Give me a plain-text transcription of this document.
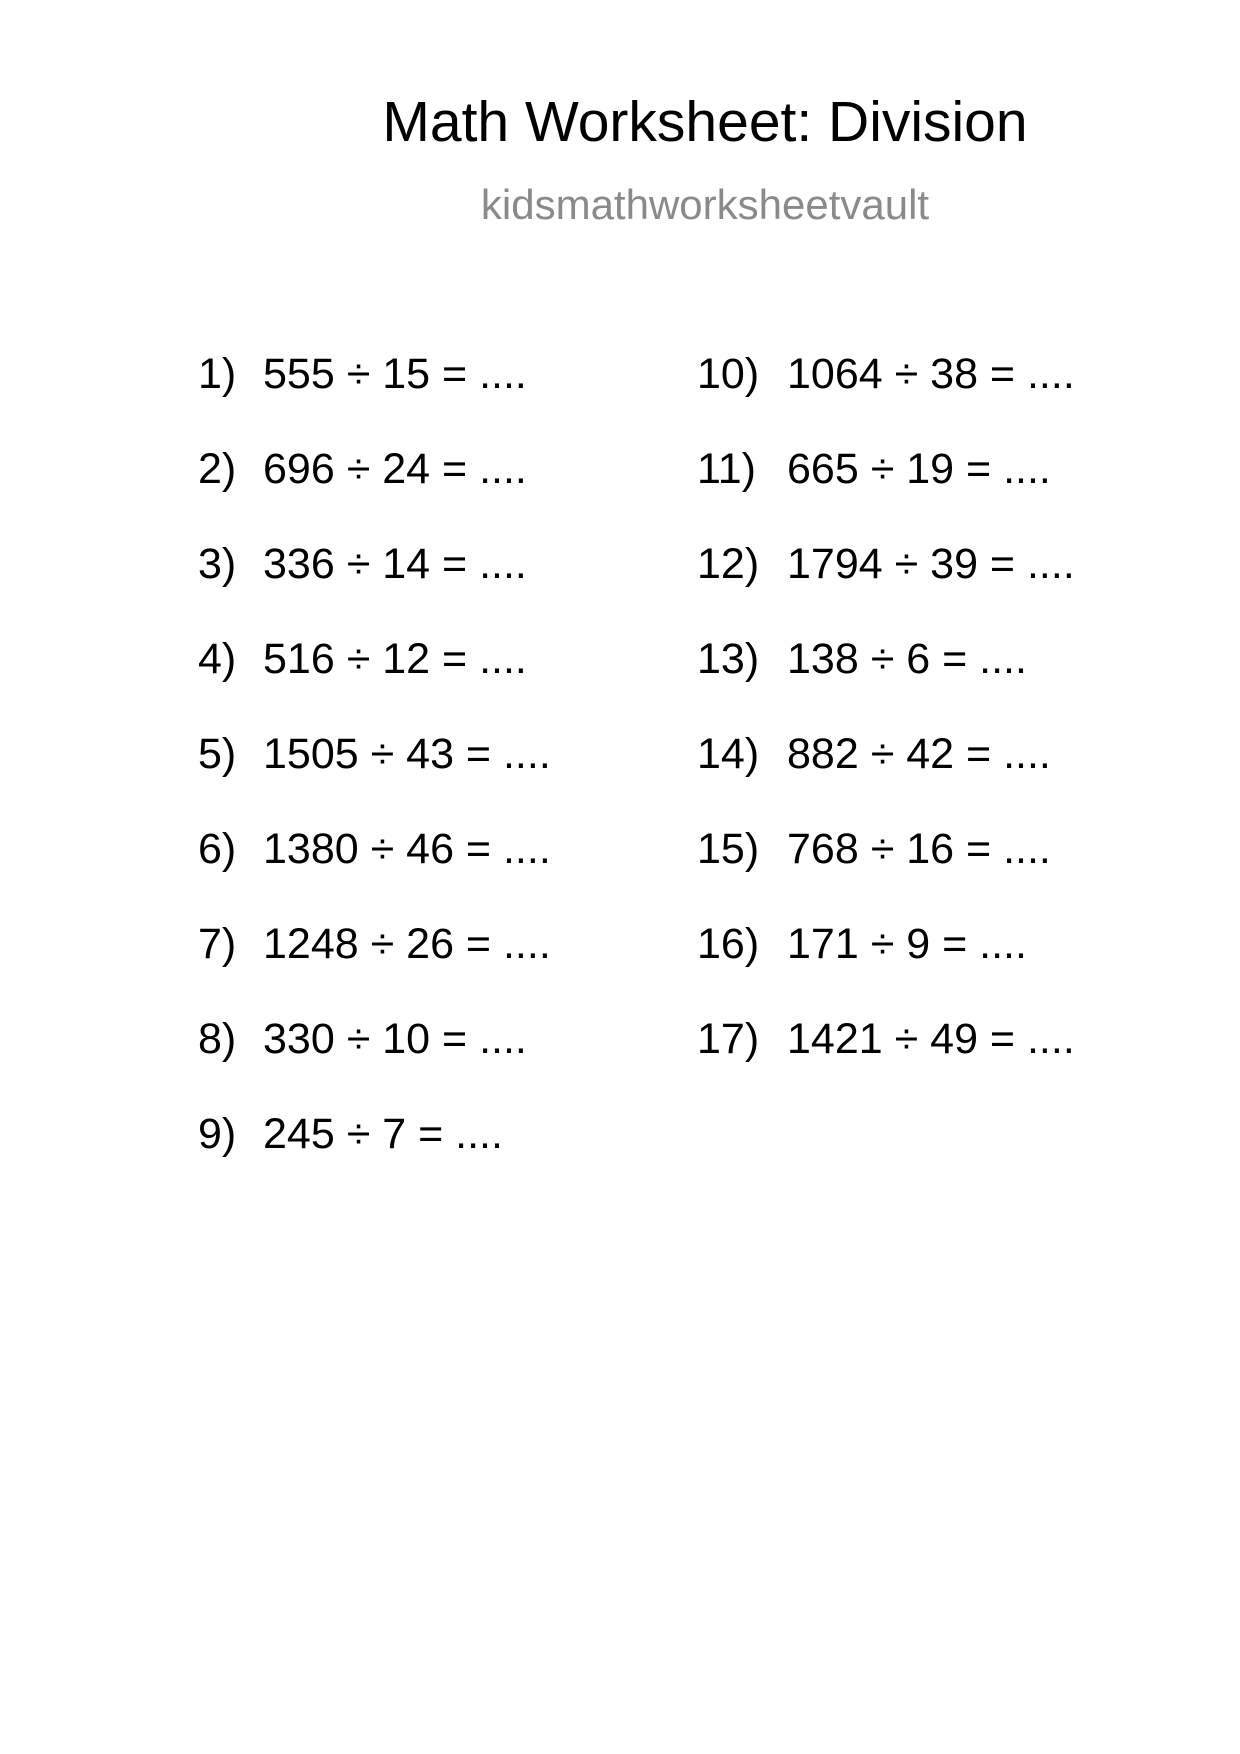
Math Worksheet: Division
kidsmathworksheetvault
1) 555 ÷ 15 = ....
2) 696 ÷ 24 = ....
3) 336 ÷ 14 = ....
4) 516 ÷ 12 = ....
5) 1505 ÷ 43 = ....
6) 1380 ÷ 46 = ....
7) 1248 ÷ 26 = ....
8) 330 ÷ 10 = ....
9) 245 ÷ 7 = ....
10) 1064 ÷ 38 = ....
11) 665 ÷ 19 = ....
12) 1794 ÷ 39 = ....
13) 138 ÷ 6 = ....
14) 882 ÷ 42 = ....
15) 768 ÷ 16 = ....
16) 171 ÷ 9 = ....
17) 1421 ÷ 49 = ....
